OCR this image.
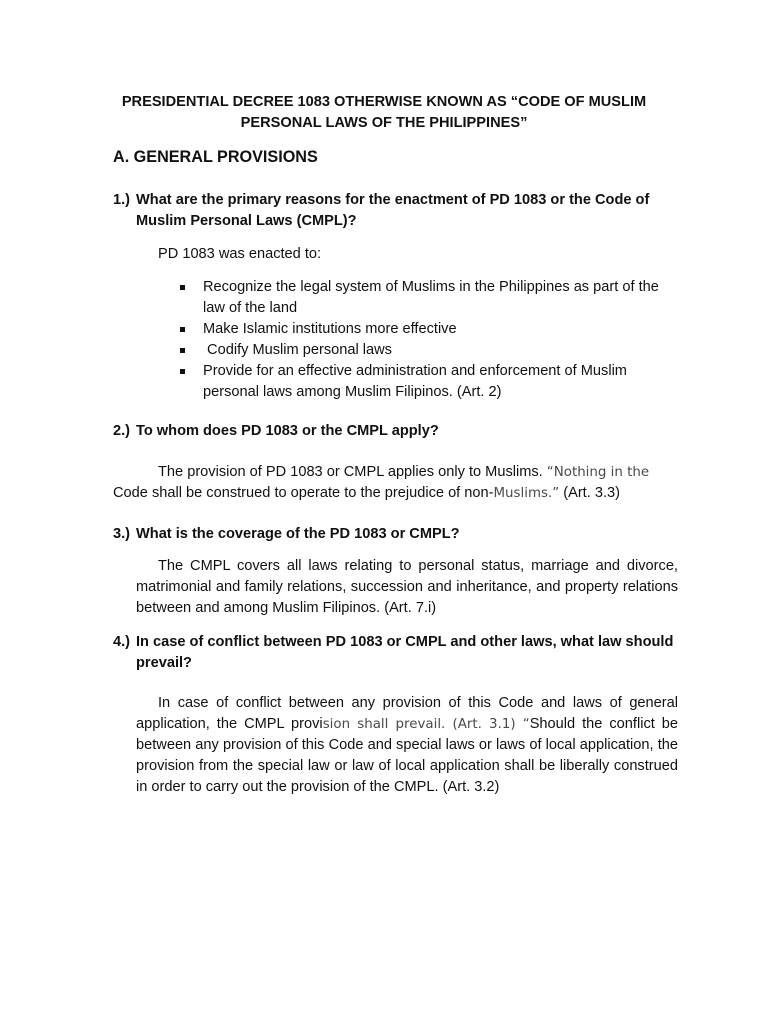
PRESIDENTIAL DECREE 1083 OTHERWISE KNOWN AS “CODE OF MUSLIM
PERSONAL LAWS OF THE PHILIPPINES”
A. GENERAL PROVISIONS
1.) What are the primary reasons for the enactment of PD 1083 or the Code of Muslim Personal Laws (CMPL)?

PD 1083 was enacted to:

Recognize the legal system of Muslims in the Philippines as part of the law of the land
Make Islamic institutions more effective
Codify Muslim personal laws
Provide for an effective administration and enforcement of Muslim personal laws among Muslim Filipinos. (Art. 2)
2.) To whom does PD 1083 or the CMPL apply?
The provision of PD 1083 or CMPL applies only to Muslims. “Nothing in the
Code shall be construed to operate to the prejudice of non-Muslims.” (Art. 3.3)
3.) What is the coverage of the PD 1083 or CMPL?

The CMPL covers all laws relating to personal status, marriage and divorce, matrimonial and family relations, succession and inheritance, and property relations between and among Muslim Filipinos. (Art. 7.i)

4.) In case of conflict between PD 1083 or CMPL and other laws, what law should prevail?

In case of conflict between any provision of this Code and laws of general application, the CMPL provision shall prevail. (Art. 3.1) “Should the conflict be between any provision of this Code and special laws or laws of local application, the provision from the special law or law of local application shall be liberally construed in order to carry out the provision of the CMPL. (Art. 3.2)
